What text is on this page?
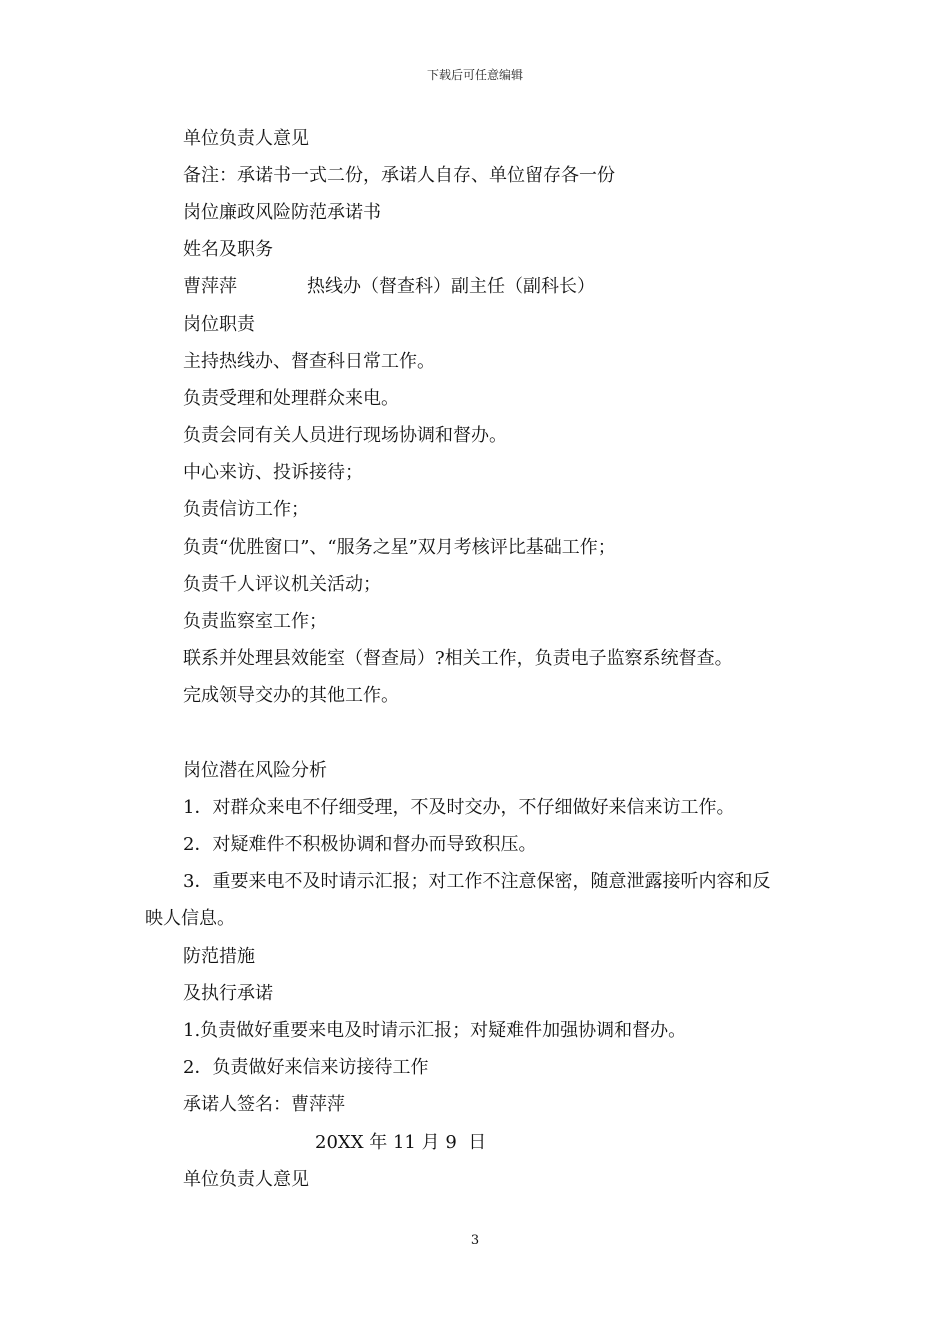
下载后可任意编辑
单位负责人意见
备注：承诺书一式二份，承诺人自存、单位留存各一份
岗位廉政风险防范承诺书
姓名及职务
曹萍萍	热线办（督查科）副主任（副科长）
岗位职责
主持热线办、督查科日常工作。
负责受理和处理群众来电。
负责会同有关人员进行现场协调和督办。
中心来访、投诉接待；
负责信访工作；
负责“优胜窗口”、“服务之星”双月考核评比基础工作；
负责千人评议机关活动；
负责监察室工作；
联系并处理县效能室（督查局）?相关工作，负责电子监察系统督查。
完成领导交办的其他工作。
岗位潜在风险分析
1．对群众来电不仔细受理，不及时交办，不仔细做好来信来访工作。
2．对疑难件不积极协调和督办而导致积压。
3．重要来电不及时请示汇报；对工作不注意保密，随意泄露接听内容和反
映人信息。
防范措施
及执行承诺
1.负责做好重要来电及时请示汇报；对疑难件加强协调和督办。
2．负责做好来信来访接待工作
承诺人签名：曹萍萍
20XX 年 11 月 9  日
单位负责人意见
3
